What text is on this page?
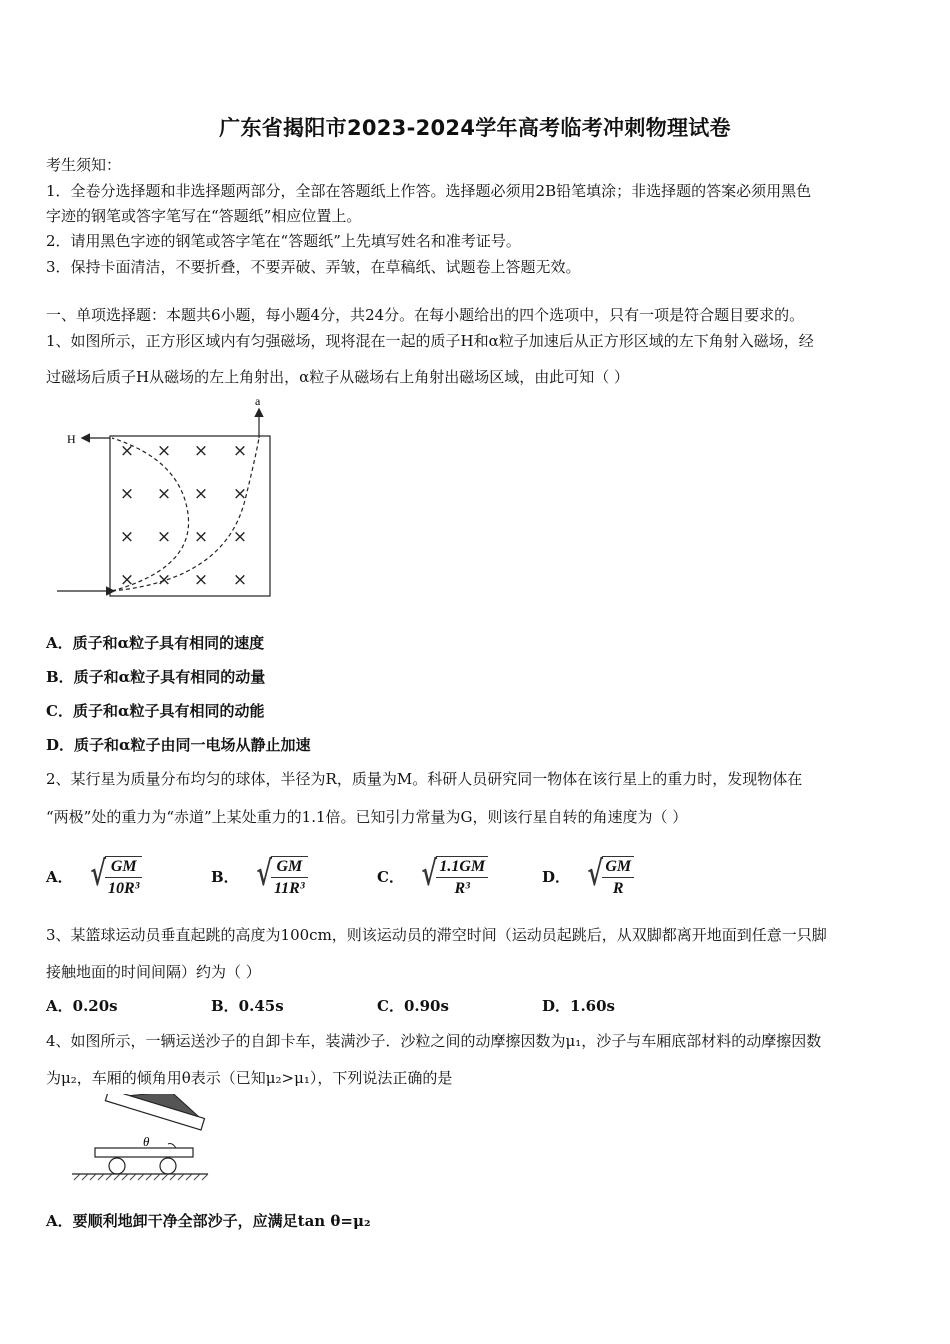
广东省揭阳市2023-2024学年高考临考冲刺物理试卷
考生须知：
1．全卷分选择题和非选择题两部分，全部在答题纸上作答。选择题必须用2B铅笔填涂；非选择题的答案必须用黑色
字迹的钢笔或答字笔写在“答题纸”相应位置上。
2．请用黑色字迹的钢笔或答字笔在“答题纸”上先填写姓名和准考证号。
3．保持卡面清洁，不要折叠，不要弄破、弄皱，在草稿纸、试题卷上答题无效。
一、单项选择题：本题共6小题，每小题4分，共24分。在每小题给出的四个选项中，只有一项是符合题目要求的。
1、如图所示，正方形区域内有匀强磁场，现将混在一起的质子H和α粒子加速后从正方形区域的左下角射入磁场，经
过磁场后质子H从磁场的左上角射出，α粒子从磁场右上角射出磁场区域，由此可知（ ）
a
H
× × × ×
× × × ×
× × × ×
× × × ×
A．质子和α粒子具有相同的速度
B．质子和α粒子具有相同的动量
C．质子和α粒子具有相同的动能
D．质子和α粒子由同一电场从静止加速
2、某行星为质量分布均匀的球体，半径为R，质量为M。科研人员研究同一物体在该行星上的重力时，发现物体在
“两极”处的重力为“赤道”上某处重力的1.1倍。已知引力常量为G，则该行星自转的角速度为（ ）
A． √ $\frac{GM}{\text{10R³}}$	B． √ $\frac{GM}{\text{11R³}}$	C． √ $\frac{1.1GM}{\text{R³}}$	D． √ $\frac{GM}{R}$
3、某篮球运动员垂直起跳的高度为100cm，则该运动员的滞空时间（运动员起跳后，从双脚都离开地面到任意一只脚
接触地面的时间间隔）约为（ ）
A．0.20s	B．0.45s	C．0.90s	D．1.60s
4、如图所示，一辆运送沙子的自卸卡车，装满沙子．沙粒之间的动摩擦因数为μ₁，沙子与车厢底部材料的动摩擦因数
为μ₂，车厢的倾角用θ表示（已知μ₂>μ₁），下列说法正确的是
θ
A．要顺利地卸干净全部沙子，应满足tan θ=μ₂
